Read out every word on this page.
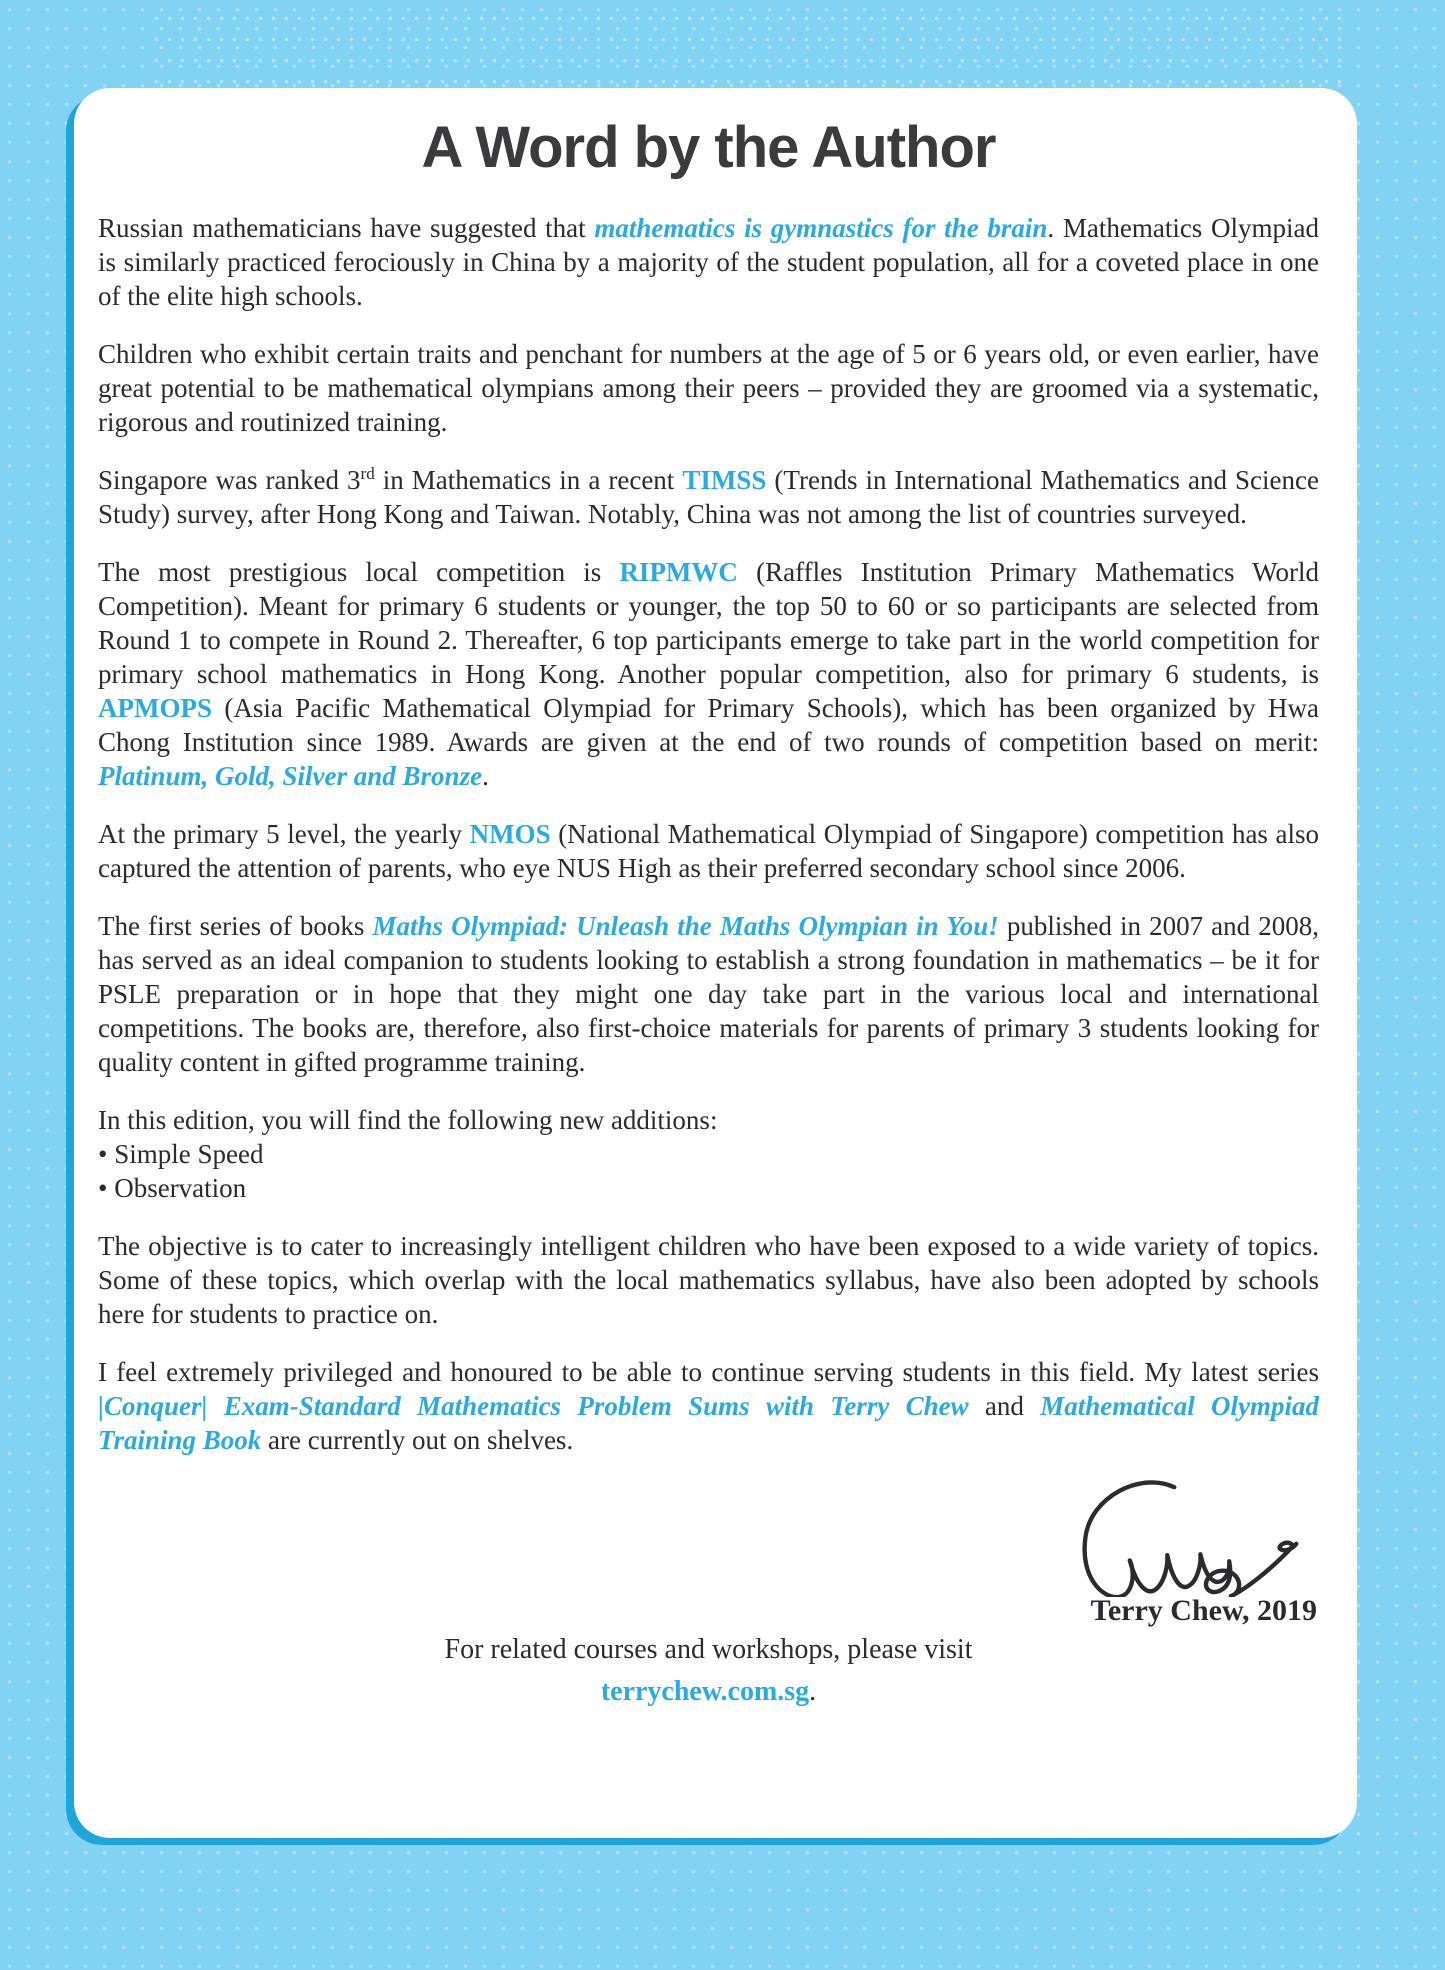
A Word by the Author

Russian mathematicians have suggested that mathematics is gymnastics for the brain. Mathematics Olympiad is similarly practiced ferociously in China by a majority of the student population, all for a coveted place in one of the elite high schools.

Children who exhibit certain traits and penchant for numbers at the age of 5 or 6 years old, or even earlier, have great potential to be mathematical olympians among their peers – provided they are groomed via a systematic, rigorous and routinized training.

Singapore was ranked 3rd in Mathematics in a recent TIMSS (Trends in International Mathematics and Science Study) survey, after Hong Kong and Taiwan. Notably, China was not among the list of countries surveyed.

The most prestigious local competition is RIPMWC (Raffles Institution Primary Mathematics World Competition). Meant for primary 6 students or younger, the top 50 to 60 or so participants are selected from Round 1 to compete in Round 2. Thereafter, 6 top participants emerge to take part in the world competition for primary school mathematics in Hong Kong. Another popular competition, also for primary 6 students, is APMOPS (Asia Pacific Mathematical Olympiad for Primary Schools), which has been organized by Hwa Chong Institution since 1989. Awards are given at the end of two rounds of competition based on merit: Platinum, Gold, Silver and Bronze.

At the primary 5 level, the yearly NMOS (National Mathematical Olympiad of Singapore) competition has also captured the attention of parents, who eye NUS High as their preferred secondary school since 2006.

The first series of books Maths Olympiad: Unleash the Maths Olympian in You! published in 2007 and 2008, has served as an ideal companion to students looking to establish a strong foundation in mathematics – be it for PSLE preparation or in hope that they might one day take part in the various local and international competitions. The books are, therefore, also first-choice materials for parents of primary 3 students looking for quality content in gifted programme training.

In this edition, you will find the following new additions:
• Simple Speed
• Observation

The objective is to cater to increasingly intelligent children who have been exposed to a wide variety of topics. Some of these topics, which overlap with the local mathematics syllabus, have also been adopted by schools here for students to practice on.

I feel extremely privileged and honoured to be able to continue serving students in this field. My latest series |Conquer| Exam-Standard Mathematics Problem Sums with Terry Chew and Mathematical Olympiad Training Book are currently out on shelves.

Terry Chew, 2019
For related courses and workshops, please visit
terrychew.com.sg.
